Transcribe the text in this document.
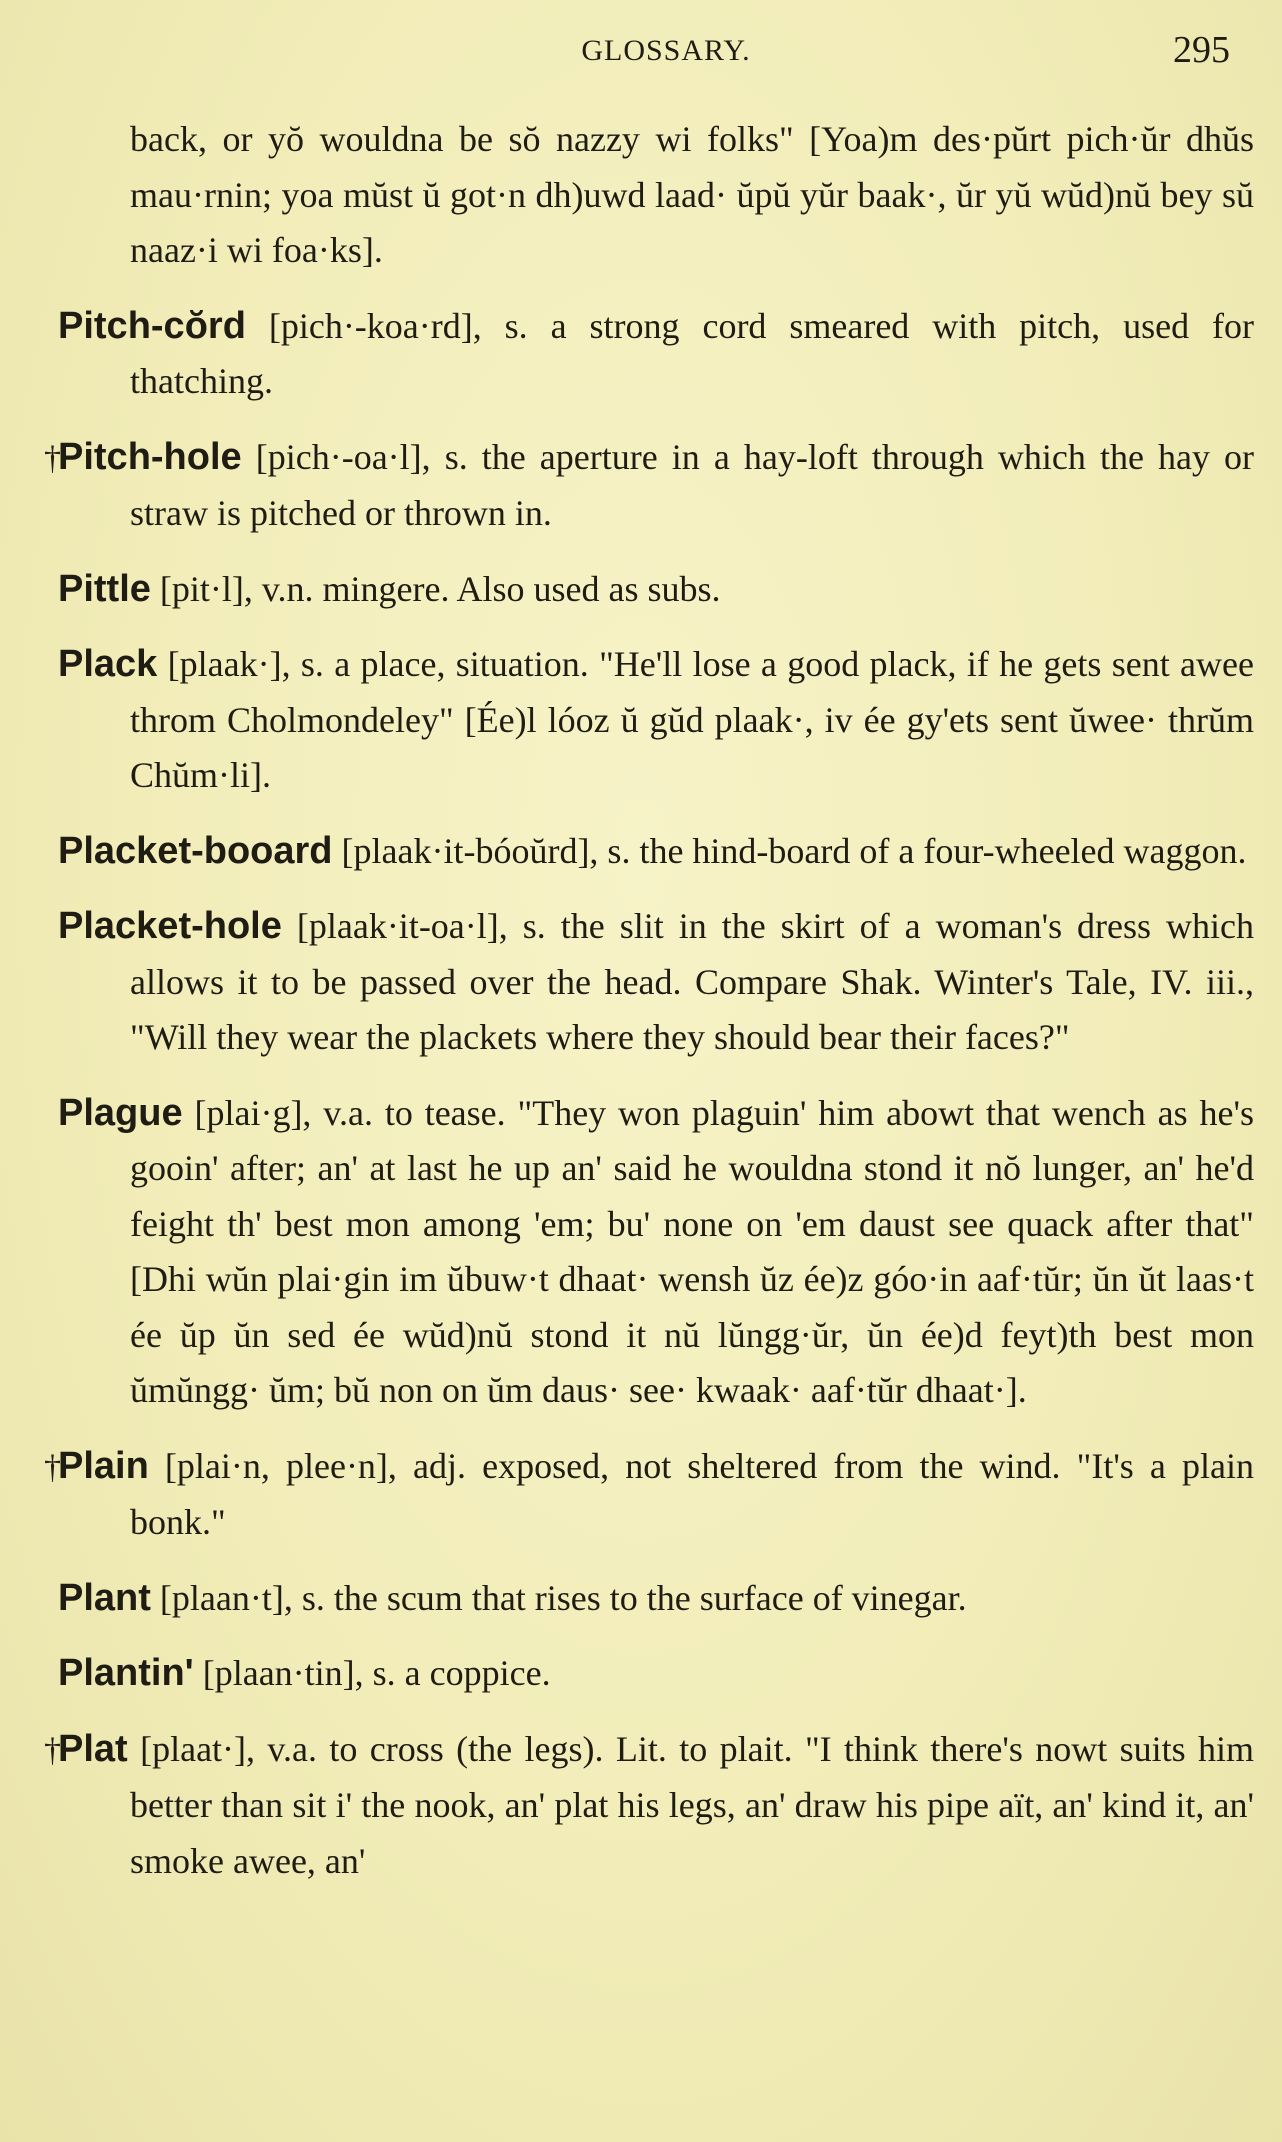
GLOSSARY.	295

back, or yŏ wouldna be sŏ nazzy wi folks" [Yoa)m des·pŭrt pich·ŭr dhŭs mau·rnin; yoa mŭst ŭ got·n dh)uwd laad· ŭpŭ yŭr baak·, ŭr yŭ wŭd)nŭ bey sŭ naaz·i wi foa·ks].

Pitch-cŏrd [pich·-koa·rd], s. a strong cord smeared with pitch, used for thatching.

†Pitch-hole [pich·-oa·l], s. the aperture in a hay-loft through which the hay or straw is pitched or thrown in.

Pittle [pit·l], v.n. mingere. Also used as subs.

Plack [plaak·], s. a place, situation. "He'll lose a good plack, if he gets sent awee throm Cholmondeley" [Ée)l lóoz ŭ gŭd plaak·, iv ée gy'ets sent ŭwee· thrŭm Chŭm·li].

Placket-booard [plaak·it-bóoŭrd], s. the hind-board of a four-wheeled waggon.

Placket-hole [plaak·it-oa·l], s. the slit in the skirt of a woman's dress which allows it to be passed over the head. Compare Shak. Winter's Tale, IV. iii., "Will they wear the plackets where they should bear their faces?"

Plague [plai·g], v.a. to tease. "They won plaguin' him abowt that wench as he's gooin' after; an' at last he up an' said he wouldna stond it nŏ lunger, an' he'd feight th' best mon among 'em; bu' none on 'em daust see quack after that" [Dhi wŭn plai·gin im ŭbuw·t dhaat· wensh ŭz ée)z góo·in aaf·tŭr; ŭn ŭt laas·t ée ŭp ŭn sed ée wŭd)nŭ stond it nŭ lŭngg·ŭr, ŭn ée)d feyt)th best mon ŭmŭngg· ŭm; bŭ non on ŭm daus· see· kwaak· aaf·tŭr dhaat·].

†Plain [plai·n, plee·n], adj. exposed, not sheltered from the wind. "It's a plain bonk."

Plant [plaan·t], s. the scum that rises to the surface of vinegar.

Plantin' [plaan·tin], s. a coppice.

†Plat [plaat·], v.a. to cross (the legs). Lit. to plait. "I think there's nowt suits him better than sit i' the nook, an' plat his legs, an' draw his pipe aït, an' kind it, an' smoke awee, an'
